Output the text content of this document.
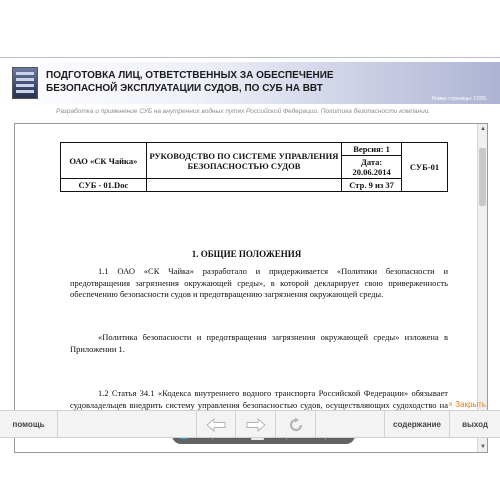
ПОДГОТОВКА ЛИЦ, ОТВЕТСТВЕННЫХ ЗА ОБЕСПЕЧЕНИЕ БЕЗОПАСНОЙ ЭКСПЛУАТАЦИИ СУДОВ, ПО СУБ НА ВВТ
Номер страницы: 17/65
Разработка и применение СУБ на внутренних водных путях Российской Федерации. Политика безопасности компании.
ОАО «СК Чайка»	РУКОВОДСТВО ПО СИСТЕМЕ УПРАВЛЕНИЯ БЕЗОПАСНОСТЬЮ СУДОВ	Версия: 1	СУБ-01
		Дата: 20.06.2014	
СУБ - 01.Doc		Стр. 9 из 37	
1. ОБЩИЕ ПОЛОЖЕНИЯ
1.1 ОАО «СК Чайка» разработало и придерживается «Политики безопасности и предотвращения загрязнения окружающей среды», в которой декларирует свою приверженность обеспечению безопасности судов и предотвращению загрязнения окружающей среды.
«Политика безопасности и предотвращения загрязнения окружающей среды» изложена в Приложении 1.
1.2 Статья 34.1 «Кодекса внутреннего водного транспорта Российской Федерации» обязывает судовладельцев внедрить систему управления безопасностью судов, осуществляющих судоходство на
▲
▼
× Закрыть
помощь	содержание	выход
